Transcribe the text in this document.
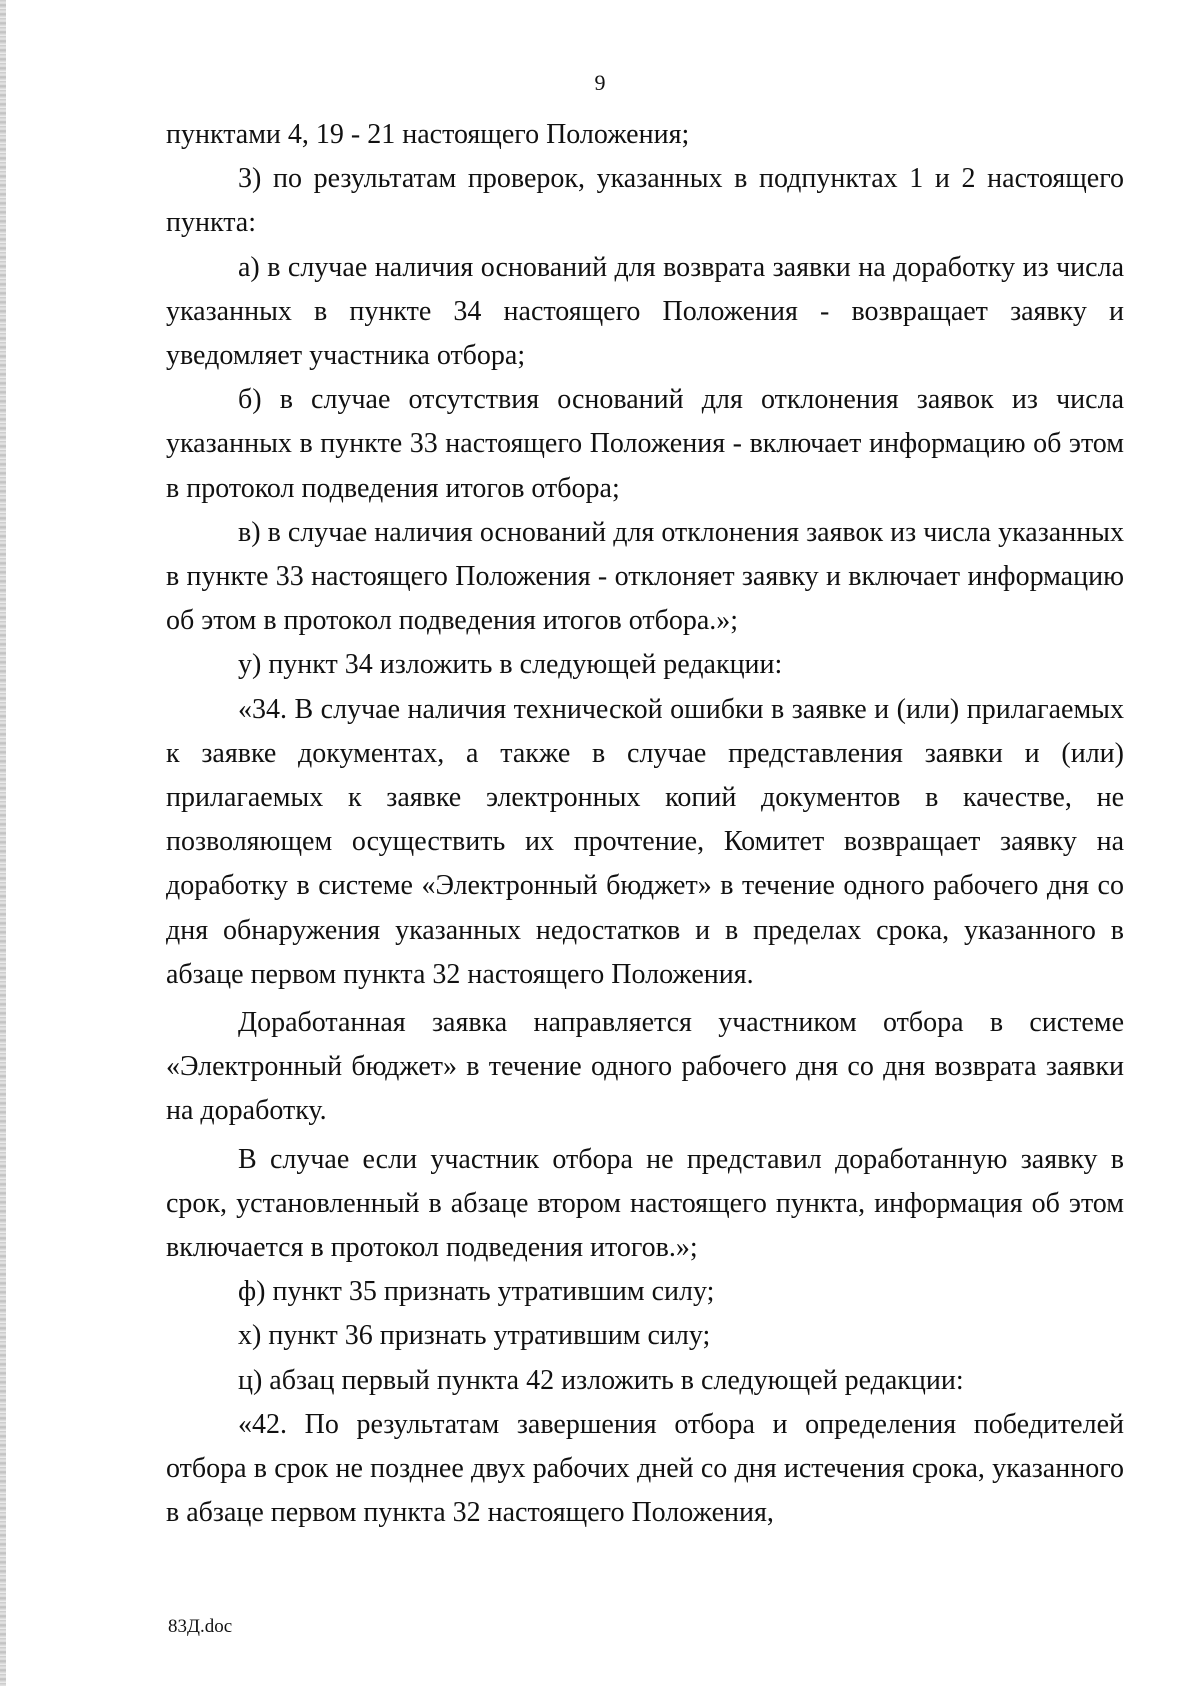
9

пунктами 4, 19 - 21 настоящего Положения;

3) по результатам проверок, указанных в подпунктах 1 и 2 настоящего пункта:

а) в случае наличия оснований для возврата заявки на доработку из числа указанных в пункте 34 настоящего Положения - возвращает заявку и уведомляет участника отбора;

б) в случае отсутствия оснований для отклонения заявок из числа указанных в пункте 33 настоящего Положения - включает информацию об этом в протокол подведения итогов отбора;

в) в случае наличия оснований для отклонения заявок из числа указанных в пункте 33 настоящего Положения - отклоняет заявку и включает информацию об этом в протокол подведения итогов отбора.»;

у) пункт 34 изложить в следующей редакции:

«34. В случае наличия технической ошибки в заявке и (или) прилагаемых к заявке документах, а также в случае представления заявки и (или) прилагаемых к заявке электронных копий документов в качестве, не позволяющем осуществить их прочтение, Комитет возвращает заявку на доработку в системе «Электронный бюджет» в течение одного рабочего дня со дня обнаружения указанных недостатков и в пределах срока, указанного в абзаце первом пункта 32 настоящего Положения.

Доработанная заявка направляется участником отбора в системе «Электронный бюджет» в течение одного рабочего дня со дня возврата заявки на доработку.

В случае если участник отбора не представил доработанную заявку в срок, установленный в абзаце втором настоящего пункта, информация об этом включается в протокол подведения итогов.»;

ф) пункт 35 признать утратившим силу;

х) пункт 36 признать утратившим силу;

ц) абзац первый пункта 42 изложить в следующей редакции:

«42. По результатам завершения отбора и определения победителей отбора в срок не позднее двух рабочих дней со дня истечения срока, указанного в абзаце первом пункта 32 настоящего Положения,

83Д.doc
